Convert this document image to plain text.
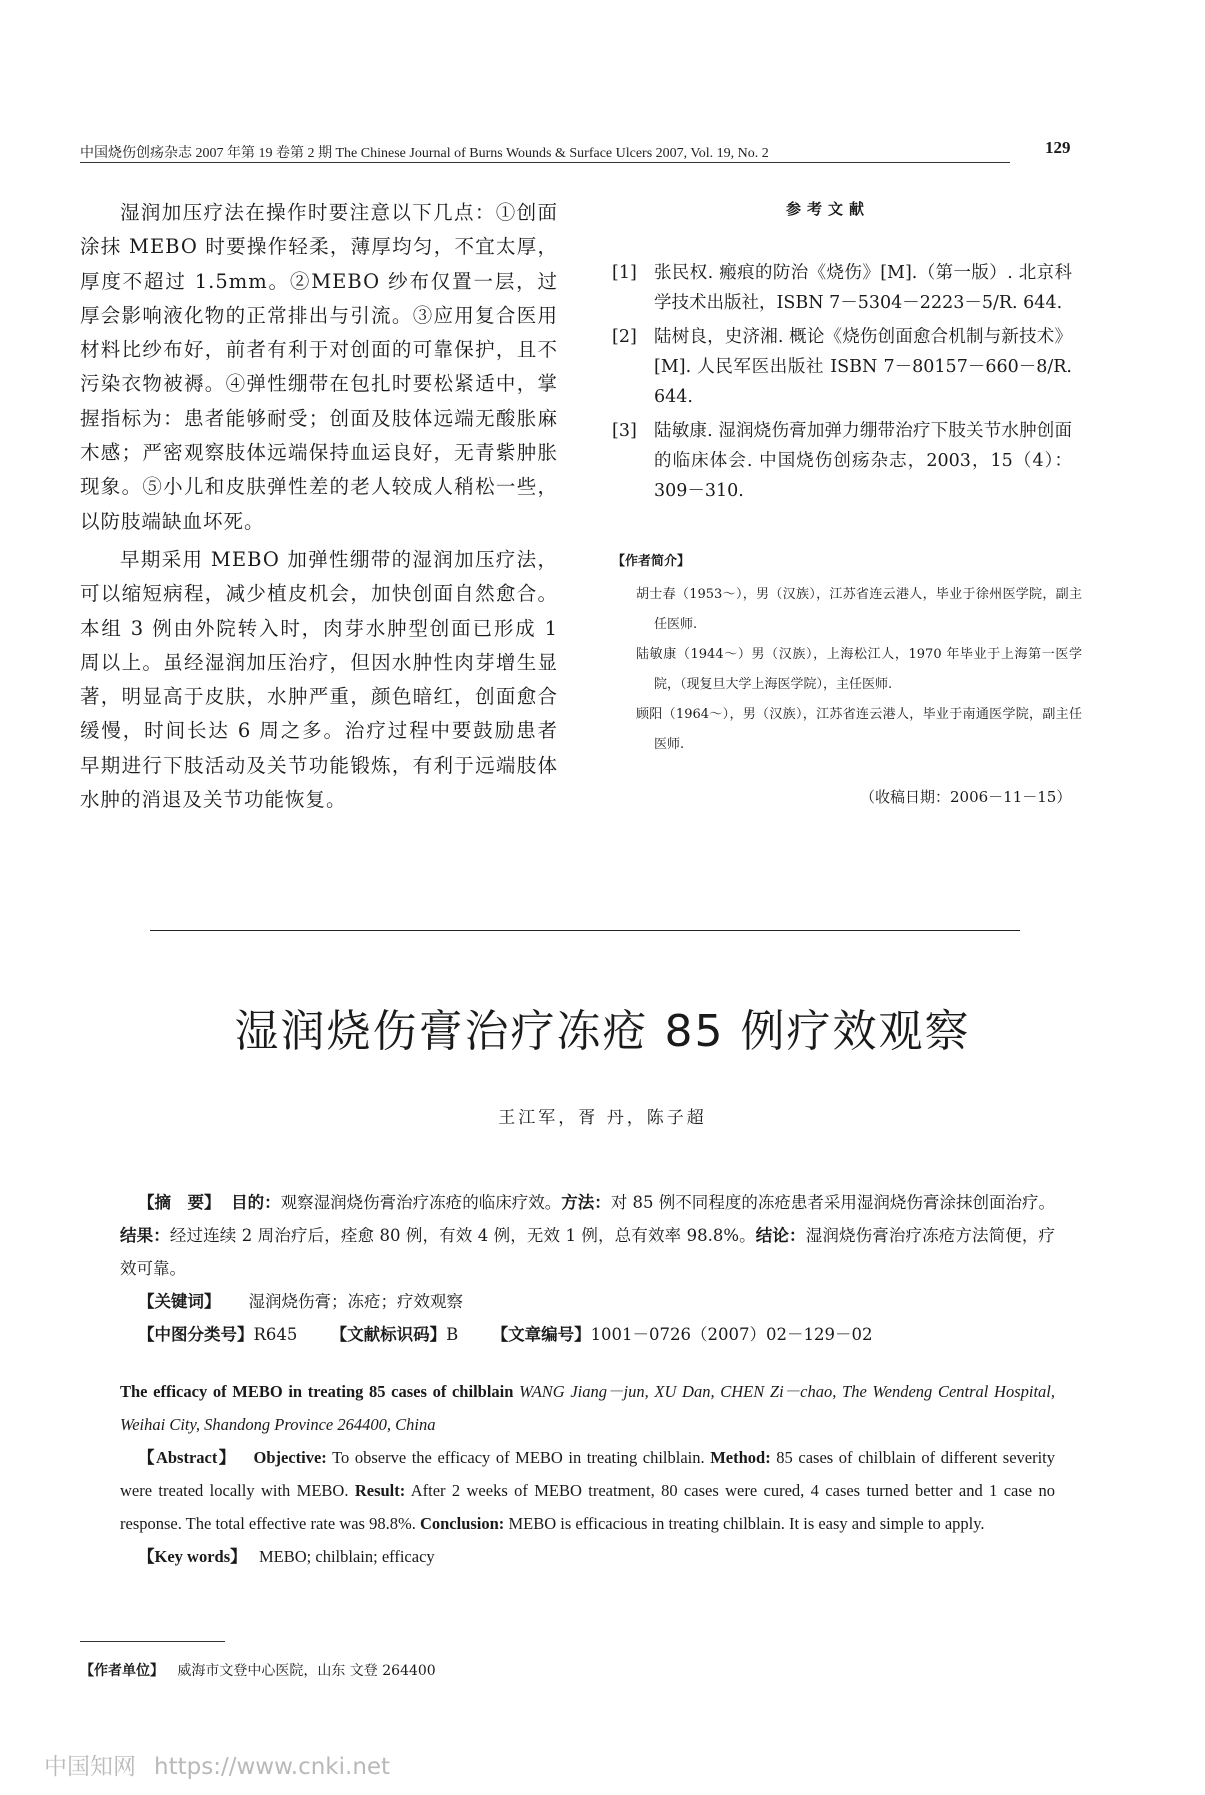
中国烧伤创疡杂志 2007 年第 19 卷第 2 期 The Chinese Journal of Burns Wounds & Surface Ulcers 2007, Vol. 19, No. 2	129

湿润加压疗法在操作时要注意以下几点：①创面涂抹 MEBO 时要操作轻柔，薄厚均匀，不宜太厚，厚度不超过 1.5mm。②MEBO 纱布仅置一层，过厚会影响液化物的正常排出与引流。③应用复合医用材料比纱布好，前者有利于对创面的可靠保护，且不污染衣物被褥。④弹性绷带在包扎时要松紧适中，掌握指标为：患者能够耐受；创面及肢体远端无酸胀麻木感；严密观察肢体远端保持血运良好，无青紫肿胀现象。⑤小儿和皮肤弹性差的老人较成人稍松一些，以防肢端缺血坏死。

早期采用 MEBO 加弹性绷带的湿润加压疗法，可以缩短病程，减少植皮机会，加快创面自然愈合。本组 3 例由外院转入时，肉芽水肿型创面已形成 1 周以上。虽经湿润加压治疗，但因水肿性肉芽增生显著，明显高于皮肤，水肿严重，颜色暗红，创面愈合缓慢，时间长达 6 周之多。治疗过程中要鼓励患者早期进行下肢活动及关节功能锻炼，有利于远端肢体水肿的消退及关节功能恢复。

参考文献
[1] 张民权. 瘢痕的防治《烧伤》[M].（第一版）. 北京科学技术出版社，ISBN 7－5304－2223－5/R. 644.
[2] 陆树良，史济湘. 概论《烧伤创面愈合机制与新技术》[M]. 人民军医出版社 ISBN 7－80157－660－8/R. 644.
[3] 陆敏康. 湿润烧伤膏加弹力绷带治疗下肢关节水肿创面的临床体会. 中国烧伤创疡杂志，2003，15（4）：309－310.
【作者简介】
胡士春（1953～），男（汉族），江苏省连云港人，毕业于徐州医学院，副主任医师.
陆敏康（1944～）男（汉族），上海松江人，1970 年毕业于上海第一医学院，（现复旦大学上海医学院），主任医师.
顾阳（1964～），男（汉族），江苏省连云港人，毕业于南通医学院，副主任医师.
（收稿日期：2006－11－15）
湿润烧伤膏治疗冻疮 85 例疗效观察
王江军，胥 丹，陈子超

【摘　要】 目的：观察湿润烧伤膏治疗冻疮的临床疗效。方法：对 85 例不同程度的冻疮患者采用湿润烧伤膏涂抹创面治疗。结果：经过连续 2 周治疗后，痊愈 80 例，有效 4 例，无效 1 例，总有效率 98.8%。结论：湿润烧伤膏治疗冻疮方法简便，疗效可靠。

【关键词】 湿润烧伤膏；冻疮；疗效观察
【中图分类号】R645 【文献标识码】B 【文章编号】1001－0726（2007）02－129－02

The efficacy of MEBO in treating 85 cases of chilblain WANG Jiang－jun, XU Dan, CHEN Zi－chao, The Wendeng Central Hospital, Weihai City, Shandong Province 264400, China

【Abstract】 Objective: To observe the efficacy of MEBO in treating chilblain. Method: 85 cases of chilblain of different severity were treated locally with MEBO. Result: After 2 weeks of MEBO treatment, 80 cases were cured, 4 cases turned better and 1 case no response. The total effective rate was 98.8%. Conclusion: MEBO is efficacious in treating chilblain. It is easy and simple to apply.

【Key words】 MEBO; chilblain; efficacy

【作者单位】 威海市文登中心医院，山东 文登 264400
中国知网 https://www.cnki.net
